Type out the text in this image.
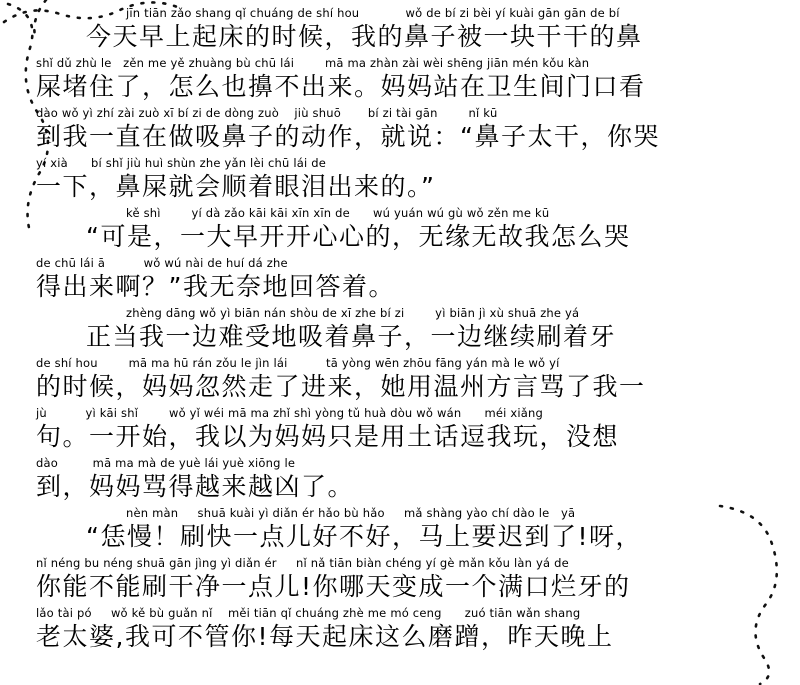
jīn tiān zǎo shang qǐ chuáng de shí hou            wǒ de bí zi bèi yí kuài gān gān de bí
今天早上起床的时候，我的鼻子被一块干干的鼻
shǐ dǔ zhù le   zěn me yě zhuàng bù chū lái        mā ma zhàn zài wèi shēng jiān mén kǒu kàn
屎堵住了，怎么也擤不出来。妈妈站在卫生间门口看
dào wǒ yì zhí zài zuò xī bí zi de dòng zuò    jiù shuō       bí zi tài gān        nǐ kū
到我一直在做吸鼻子的动作，就说：“鼻子太干，你哭
yí xià      bí shǐ jiù huì shùn zhe yǎn lèi chū lái de
一下，鼻屎就会顺着眼泪出来的。”
kě shì        yí dà zǎo kāi kāi xīn xīn de      wú yuán wú gù wǒ zěn me kū
“可是，一大早开开心心的，无缘无故我怎么哭
de chū lái ā          wǒ wú nài de huí dá zhe
得出来啊？”我无奈地回答着。
zhèng dāng wǒ yì biān nán shòu de xī zhe bí zi        yì biān jì xù shuā zhe yá
正当我一边难受地吸着鼻子，一边继续刷着牙
de shí hou        mā ma hū rán zǒu le jìn lái          tā yòng wēn zhōu fāng yán mà le wǒ yí
的时候，妈妈忽然走了进来，她用温州方言骂了我一
jù          yì kāi shǐ        wǒ yǐ wéi mā ma zhǐ shì yòng tǔ huà dòu wǒ wán      méi xiǎng
句。一开始，我以为妈妈只是用土话逗我玩，没想
dào         mā ma mà de yuè lái yuè xiōng le
到，妈妈骂得越来越凶了。
nèn màn     shuā kuài yì diǎn ér hǎo bù hǎo     mǎ shàng yào chí dào le   yā
“恁慢！刷快一点儿好不好，马上要迟到了!呀，
nǐ néng bu néng shuā gān jìng yì diǎn ér     nǐ nǎ tiān biàn chéng yí gè mǎn kǒu làn yá de
你能不能刷干净一点儿!你哪天变成一个满口烂牙的
lǎo tài pó     wǒ kě bù guǎn nǐ    měi tiān qǐ chuáng zhè me mó ceng      zuó tiān wǎn shang
老太婆,我可不管你!每天起床这么磨蹭，昨天晚上
